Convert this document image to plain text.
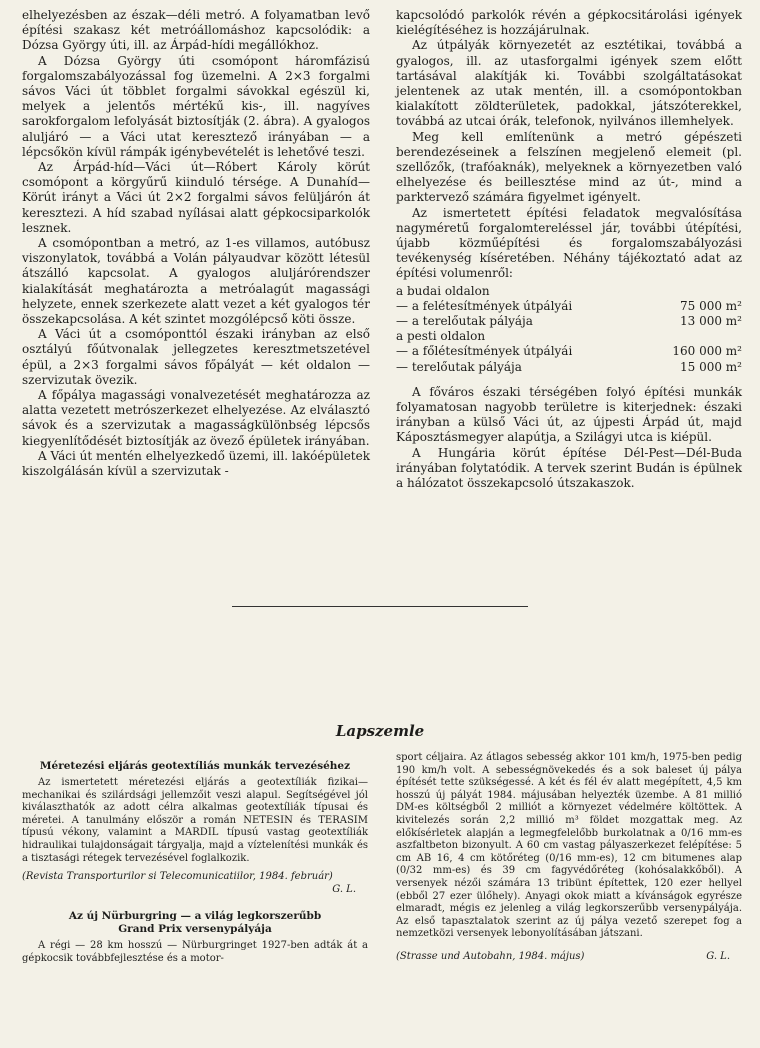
elhelyezésben az észak—déli metró. A folyamatban levő építési szakasz két metróállomáshoz kapcsolódik: a Dózsa György úti, ill. az Árpád-hídi megállókhoz.

A Dózsa György úti csomópont háromfázisú forgalomszabályozással fog üzemelni. A 2×3 forgalmi sávos Váci út többlet forgalmi sávokkal egészül ki, melyek a jelentős mértékű kis-, ill. nagyíves sarokforgalom lefolyását biztosítják (2. ábra). A gyalogos aluljáró — a Váci utat keresztező irányában — a lépcsőkön kívül rámpák igénybevételét is lehetővé teszi.

Az Árpád-híd—Váci út—Róbert Károly körút csomópont a körgyűrű kiinduló térsége. A Dunahíd—Körút irányt a Váci út 2×2 forgalmi sávos felüljárón át keresztezi. A híd szabad nyílásai alatt gépkocsiparkolók lesznek.

A csomópontban a metró, az 1-es villamos, autóbusz viszonylatok, továbbá a Volán pályaudvar között létesül átszálló kapcsolat. A gyalogos aluljárórendszer kialakítását meghatározta a metróalagút magassági helyzete, ennek szerkezete alatt vezet a két gyalogos tér összekapcsolása. A két szintet mozgólépcső köti össze.

A Váci út a csomóponttól északi irányban az első osztályú főútvonalak jellegzetes keresztmetszetével épül, a 2×3 forgalmi sávos főpályát — két oldalon — szervizutak övezik.

A főpálya magassági vonalvezetését meghatározza az alatta vezetett metrószerkezet elhelyezése. Az elválasztó sávok és a szervizutak a magasságkülönbség lépcsős kiegyenlítődését biztosítják az övező épületek irányában.

A Váci út mentén elhelyezkedő üzemi, ill. lakóépületek kiszolgálásán kívül a szervizutak -

kapcsolódó parkolók révén a gépkocsitárolási igények kielégítéséhez is hozzájárulnak.

Az útpályák környezetét az esztétikai, továbbá a gyalogos, ill. az utasforgalmi igények szem előtt tartásával alakítják ki. További szolgáltatásokat jelentenek az utak mentén, ill. a csomópontokban kialakított zöldterületek, padokkal, játszóterekkel, továbbá az utcai órák, telefonok, nyilvános illemhelyek.

Meg kell említenünk a metró gépészeti berendezéseinek a felszínen megjelenő elemeit (pl. szellőzők, (trafóaknák), melyeknek a környezetben való elhelyezése és beillesztése mind az út-, mind a parktervező számára figyelmet igényelt.

Az ismertetett építési feladatok megvalósítása nagyméretű forgalomtereléssel jár, további útépítési, újabb közműépítési és forgalomszabályozási tevékenység kíséretében. Néhány tájékoztató adat az építési volumenről:

a budai oldalon
— a felétesítmények útpályái	75 000 m²
— a terelőutak pályája	13 000 m²
a pesti oldalon
— a főlétesítmények útpályái	160 000 m²
— terelőutak pályája	15 000 m²

A főváros északi térségében folyó építési munkák folyamatosan nagyobb területre is kiterjednek: északi irányban a külső Váci út, az újpesti Árpád út, majd Káposztásmegyer alapútja, a Szilágyi utca is kiépül.

A Hungária körút építése Dél-Pest—Dél-Buda irányában folytatódik. A tervek szerint Budán is épülnek a hálózatot összekapcsoló útszakaszok.

Lapszemle
Méretezési eljárás geotextíliás munkák tervezéséhez

Az ismertetett méretezési eljárás a geotextíliák fizikai—mechanikai és szilárdsági jellemzőit veszi alapul. Segítségével jól kiválaszthatók az adott célra alkalmas geotextíliák típusai és méretei. A tanulmány először a román NETESIN és TERASIM típusú vékony, valamint a MARDIL típusú vastag geotextíliák hidraulikai tulajdonságait tárgyalja, majd a víztelenítési munkák és a tisztasági rétegek tervezésével foglalkozik.

(Revista Transporturilor si Telecomunicatiilor, 1984. február)
G. L.
Az új Nürburgring — a világ legkorszerűbb
Grand Prix versenypályája

A régi — 28 km hosszú — Nürburgringet 1927-ben adták át a gépkocsik továbbfejlesztése és a motor-

sport céljaira. Az átlagos sebesség akkor 101 km/h, 1975-ben pedig 190 km/h volt. A sebességnövekedés és a sok baleset új pálya építését tette szükségessé. A két és fél év alatt megépített, 4,5 km hosszú új pályát 1984. májusában helyezték üzembe. A 81 millió DM-es költségből 2 milliót a környezet védelmére költöttek. A kivitelezés során 2,2 millió m³ földet mozgattak meg. Az előkísérletek alapján a legmegfelelőbb burkolatnak a 0/16 mm-es aszfaltbeton bizonyult. A 60 cm vastag pályaszerkezet felépítése: 5 cm AB 16, 4 cm kötőréteg (0/16 mm-es), 12 cm bitumenes alap (0/32 mm-es) és 39 cm fagyvédőréteg (kohósalakkőből). A versenyek nézői számára 13 tribünt építettek, 120 ezer hellyel (ebből 27 ezer ülőhely). Anyagi okok miatt a kívánságok egyrésze elmaradt, mégis ez jelenleg a világ legkorszerűbb versenypályája. Az első tapasztalatok szerint az új pálya vezető szerepet fog a nemzetközi versenyek lebonyolításában játszani.

(Strasse und Autobahn, 1984. május)	G. L.
